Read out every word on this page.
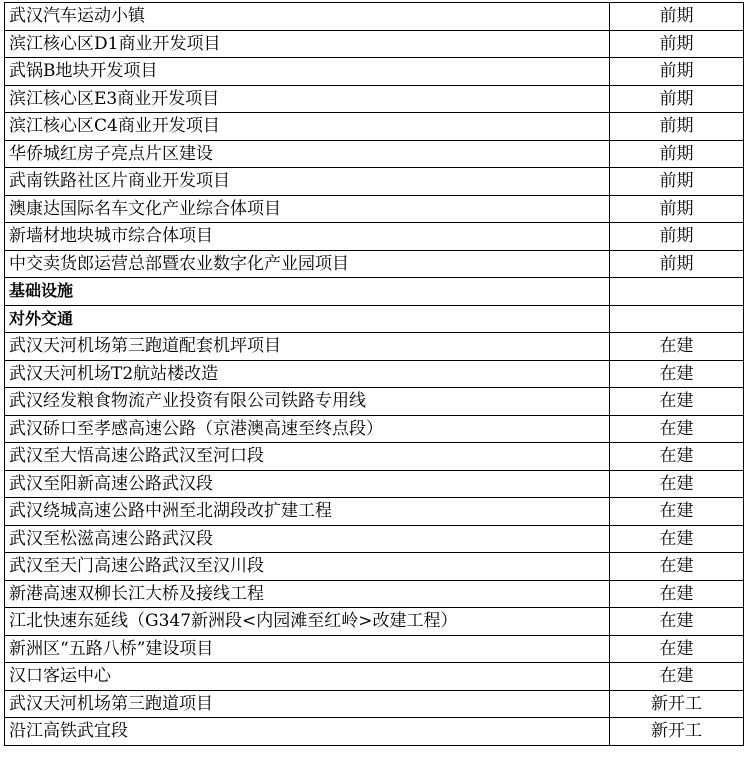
武汉汽车运动小镇	前期
滨江核心区D1商业开发项目	前期
武锅B地块开发项目	前期
滨江核心区E3商业开发项目	前期
滨江核心区C4商业开发项目	前期
华侨城红房子亮点片区建设	前期
武南铁路社区片商业开发项目	前期
澳康达国际名车文化产业综合体项目	前期
新墙材地块城市综合体项目	前期
中交卖货郎运营总部暨农业数字化产业园项目	前期
基础设施	
对外交通	
武汉天河机场第三跑道配套机坪项目	在建
武汉天河机场T2航站楼改造	在建
武汉经发粮食物流产业投资有限公司铁路专用线	在建
武汉硚口至孝感高速公路（京港澳高速至终点段）	在建
武汉至大悟高速公路武汉至河口段	在建
武汉至阳新高速公路武汉段	在建
武汉绕城高速公路中洲至北湖段改扩建工程	在建
武汉至松滋高速公路武汉段	在建
武汉至天门高速公路武汉至汉川段	在建
新港高速双柳长江大桥及接线工程	在建
江北快速东延线（G347新洲段<内园滩至红岭>改建工程）	在建
新洲区“五路八桥”建设项目	在建
汉口客运中心	在建
武汉天河机场第三跑道项目	新开工
沿江高铁武宜段	新开工
